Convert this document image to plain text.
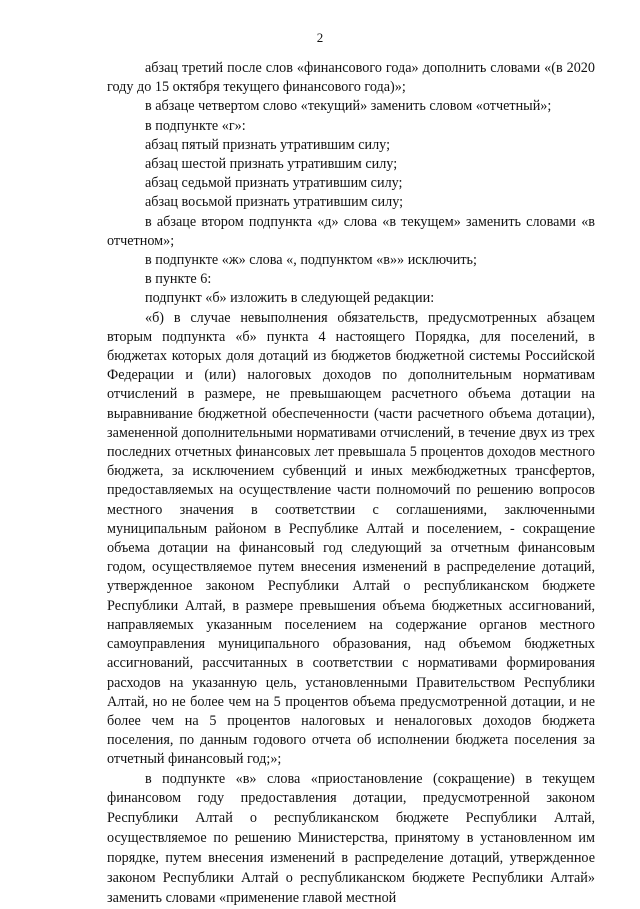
2

абзац третий после слов «финансового года» дополнить словами «(в 2020 году до 15 октября текущего финансового года)»;

в абзаце четвертом слово «текущий» заменить словом «отчетный»;

в подпункте «г»:

абзац пятый признать утратившим силу;

абзац шестой признать утратившим силу;

абзац седьмой признать утратившим силу;

абзац восьмой признать утратившим силу;

в абзаце втором подпункта «д» слова «в текущем» заменить словами «в отчетном»;

в подпункте «ж» слова «, подпунктом «в»» исключить;

в пункте 6:

подпункт «б» изложить в следующей редакции:

«б) в случае невыполнения обязательств, предусмотренных абзацем вторым подпункта «б» пункта 4 настоящего Порядка, для поселений, в бюджетах которых доля дотаций из бюджетов бюджетной системы Российской Федерации и (или) налоговых доходов по дополнительным нормативам отчислений в размере, не превышающем расчетного объема дотации на выравнивание бюджетной обеспеченности (части расчетного объема дотации), замененной дополнительными нормативами отчислений, в течение двух из трех последних отчетных финансовых лет превышала 5 процентов доходов местного бюджета, за исключением субвенций и иных межбюджетных трансфертов, предоставляемых на осуществление части полномочий по решению вопросов местного значения в соответствии с соглашениями, заключенными муниципальным районом в Республике Алтай и поселением, - сокращение объема дотации на финансовый год следующий за отчетным финансовым годом, осуществляемое путем внесения изменений в распределение дотаций, утвержденное законом Республики Алтай о республиканском бюджете Республики Алтай, в размере превышения объема бюджетных ассигнований, направляемых указанным поселением на содержание органов местного самоуправления муниципального образования, над объемом бюджетных ассигнований, рассчитанных в соответствии с нормативами формирования расходов на указанную цель, установленными Правительством Республики Алтай, но не более чем на 5 процентов объема предусмотренной дотации, и не более чем на 5 процентов налоговых и неналоговых доходов бюджета поселения, по данным годового отчета об исполнении бюджета поселения за отчетный финансовый год;»;

в подпункте «в» слова «приостановление (сокращение) в текущем финансовом году предоставления дотации, предусмотренной законом Республики Алтай о республиканском бюджете Республики Алтай, осуществляемое по решению Министерства, принятому в установленном им порядке, путем внесения изменений в распределение дотаций, утвержденное законом Республики Алтай о республиканском бюджете Республики Алтай» заменить словами «применение главой местной
